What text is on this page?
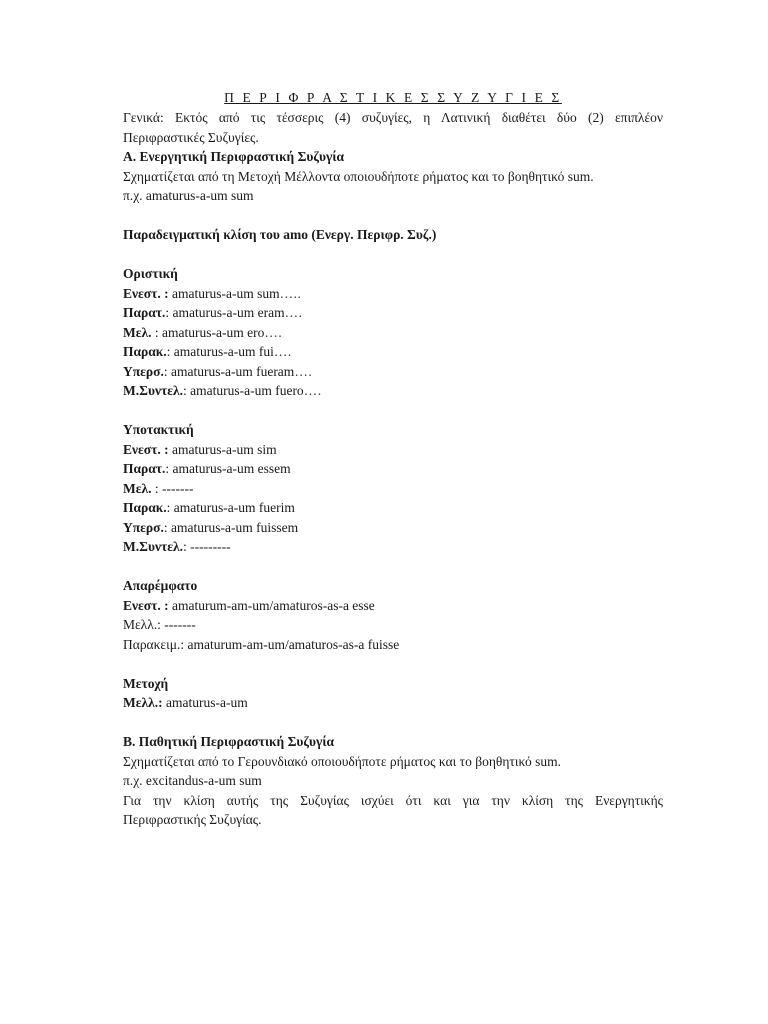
Π Ε Ρ Ι Φ Ρ Α Σ Τ Ι Κ Ε Σ Σ Υ Ζ Υ Γ Ι Ε Σ
Γενικά: Εκτός από τις τέσσερις (4) συζυγίες, η Λατινική διαθέτει δύο (2) επιπλέον
Περιφραστικές Συζυγίες.
Α. Ενεργητική Περιφραστική Συζυγία
Σχηματίζεται από τη Μετοχή Μέλλοντα οποιουδήποτε ρήματος και το βοηθητικό sum.
π.χ. amaturus-a-um sum
Παραδειγματική κλίση του amo (Ενεργ. Περιφρ. Συζ.)
Οριστική
Ενεστ. : amaturus-a-um sum…..
Παρατ.: amaturus-a-um eram….
Μελ. : amaturus-a-um ero….
Παρακ.: amaturus-a-um fui….
Υπερσ.: amaturus-a-um fueram….
Μ.Συντελ.: amaturus-a-um fuero….
Υποτακτική
Ενεστ. : amaturus-a-um sim
Παρατ.: amaturus-a-um essem
Μελ. : -------
Παρακ.: amaturus-a-um fuerim
Υπερσ.: amaturus-a-um fuissem
Μ.Συντελ.: ---------
Απαρέμφατο
Ενεστ. : amaturum-am-um/amaturos-as-a esse
Μελλ.: -------
Παρακειμ.: amaturum-am-um/amaturos-as-a fuisse
Μετοχή
Μελλ.: amaturus-a-um
Β. Παθητική Περιφραστική Συζυγία
Σχηματίζεται από το Γερουνδιακό οποιουδήποτε ρήματος και το βοηθητικό sum.
π.χ. excitandus-a-um sum
Για την κλίση αυτής της Συζυγίας ισχύει ότι και για την κλίση της Ενεργητικής
Περιφραστικής Συζυγίας.
